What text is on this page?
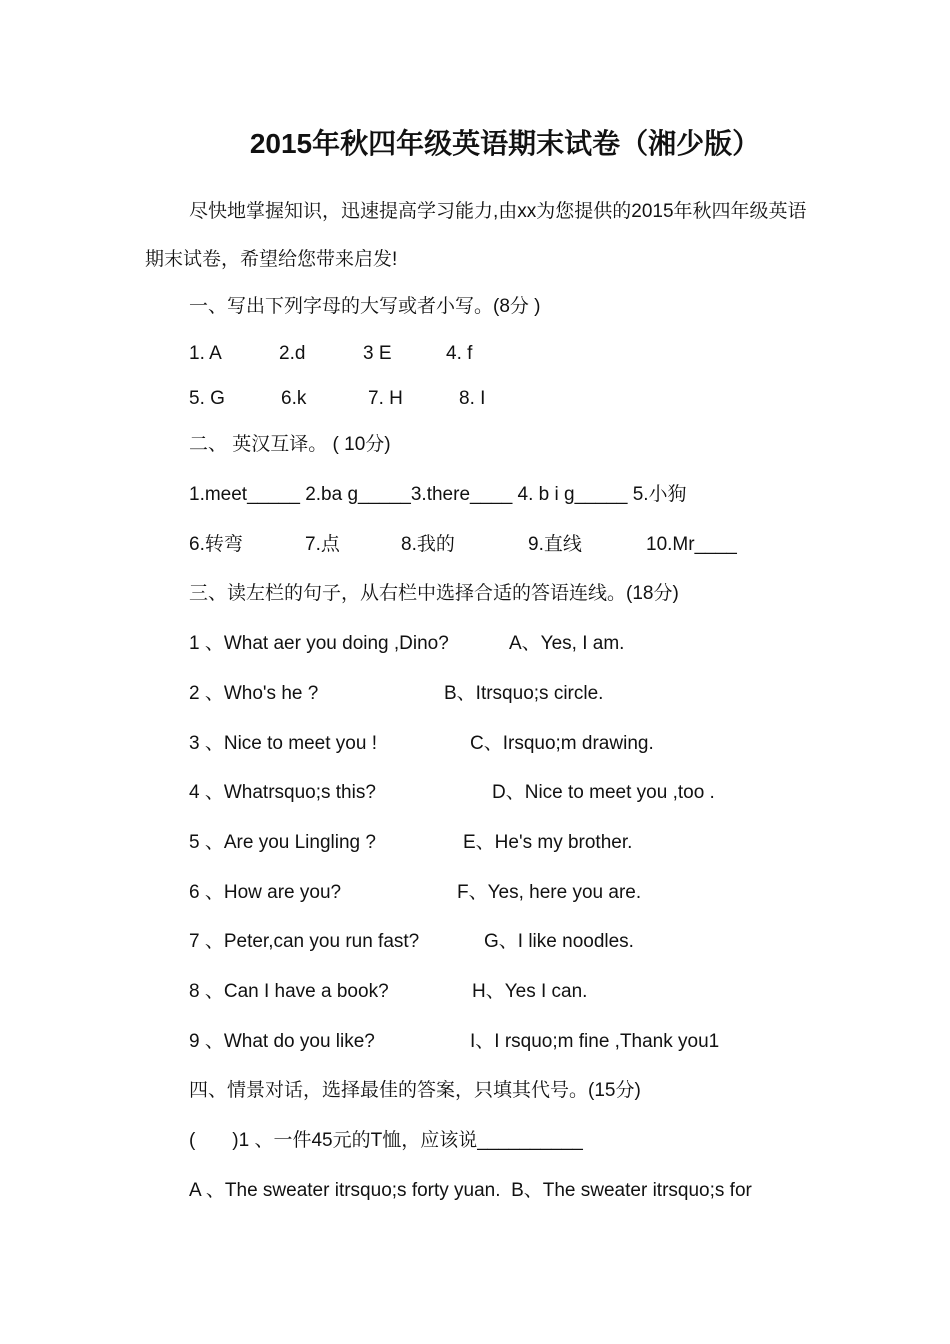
2015年秋四年级英语期末试卷（湘少版）
尽快地掌握知识，迅速提高学习能力,由xx为您提供的2015年秋四年级英语期末试卷，希望给您带来启发!
一、写出下列字母的大写或者小写。(8分 )
1. A	2.d	3 E	4. f
5. G	6.k	7. H	8. I
二、 英汉互译。 ( 10分)
1.meet_____ 2.ba g_____3.there____ 4. b i g_____ 5.小狗
6.转弯	7.点	8.我的	9.直线	10.Mr____
三、读左栏的句子，从右栏中选择合适的答语连线。(18分)
1 、What aer you doing ,Dino?	A、Yes, I am.
2 、Who's he ?	B、Itrsquo;s circle.
3 、Nice to meet you !	C、Irsquo;m drawing.
4 、Whatrsquo;s this?	D、Nice to meet you ,too .
5 、Are you Lingling ?	E、He's my brother.
6 、How are you?	F、Yes, here you are.
7 、Peter,can you run fast?	G、I like noodles.
8 、Can I have a book?	H、Yes I can.
9 、What do you like?	I、I rsquo;m fine ,Thank you1
四、情景对话，选择最佳的答案，只填其代号。(15分)
(       )1 、一件45元的T恤，应该说__________
A 、The sweater itrsquo;s forty yuan.  B、The sweater itrsquo;s for
